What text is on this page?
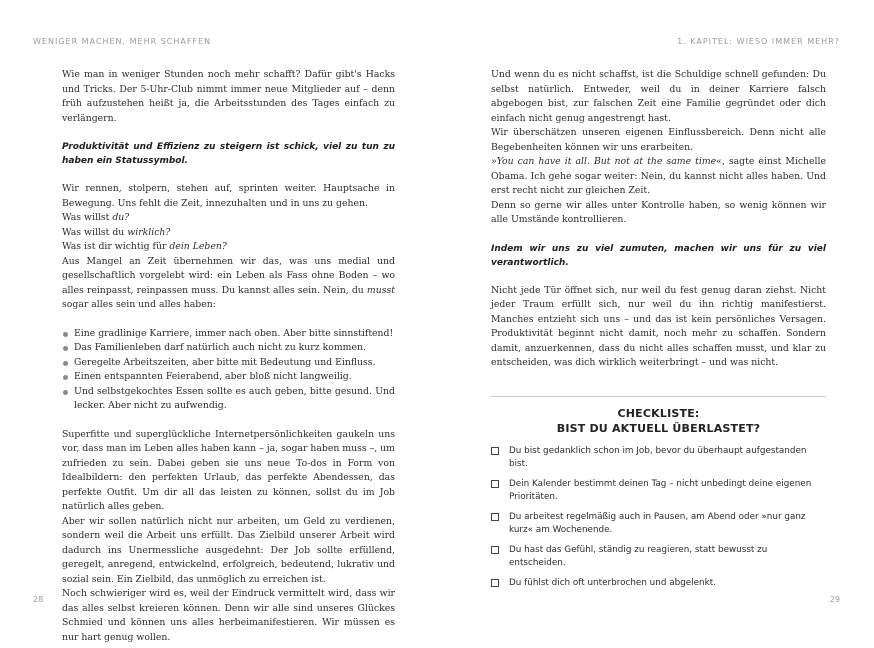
WENIGER MACHEN, MEHR SCHAFFEN

Wie man in weniger Stunden noch mehr schafft? Dafür gibt's Hacks und Tricks. Der 5-Uhr-Club nimmt immer neue Mitglieder auf – denn früh aufzustehen heißt ja, die Arbeitsstunden des Tages einfach zu verlängern.

Produktivität und Effizienz zu steigern ist schick, viel zu tun zu haben ein Statussymbol.

Wir rennen, stolpern, stehen auf, sprinten weiter. Hauptsache in Bewegung. Uns fehlt die Zeit, innezuhalten und in uns zu gehen.

Was willst du?

Was willst du wirklich?

Was ist dir wichtig für dein Leben?

Aus Mangel an Zeit übernehmen wir das, was uns medial und gesellschaftlich vorgelebt wird: ein Leben als Fass ohne Boden – wo alles reinpasst, reinpassen muss. Du kannst alles sein. Nein, du musst sogar alles sein und alles haben:

Eine gradlinige Karriere, immer nach oben. Aber bitte sinnstiftend!
Das Familienleben darf natürlich auch nicht zu kurz kommen.
Geregelte Arbeitszeiten, aber bitte mit Bedeutung und Einfluss.
Einen entspannten Feierabend, aber bloß nicht langweilig.
Und selbstgekochtes Essen sollte es auch geben, bitte gesund. Und lecker. Aber nicht zu aufwendig.

Superfitte und superglückliche Internetpersönlichkeiten gaukeln uns vor, dass man im Leben alles haben kann – ja, sogar haben muss –, um zufrieden zu sein. Dabei geben sie uns neue To-dos in Form von Idealbildern: den perfekten Urlaub, das perfekte Abendessen, das perfekte Outfit. Um dir all das leisten zu können, sollst du im Job natürlich alles geben.

Aber wir sollen natürlich nicht nur arbeiten, um Geld zu verdienen, sondern weil die Arbeit uns erfüllt. Das Zielbild unserer Arbeit wird dadurch ins Unermessliche ausgedehnt: Der Job sollte erfüllend, geregelt, anregend, entwickelnd, erfolgreich, bedeutend, lukrativ und sozial sein. Ein Zielbild, das unmöglich zu erreichen ist.

Noch schwieriger wird es, weil der Eindruck vermittelt wird, dass wir das alles selbst kreieren können. Denn wir alle sind unseres Glückes Schmied und können uns alles herbeimanifestieren. Wir müssen es nur hart genug wollen.

28
1. KAPITEL: WIESO IMMER MEHR?

Und wenn du es nicht schaffst, ist die Schuldige schnell gefunden: Du selbst natürlich. Entweder, weil du in deiner Karriere falsch abgebogen bist, zur falschen Zeit eine Familie gegründet oder dich einfach nicht genug angestrengt hast.

Wir überschätzen unseren eigenen Einflussbereich. Denn nicht alle Begebenheiten können wir uns erarbeiten.

»You can have it all. But not at the same time«, sagte einst Michelle Obama. Ich gehe sogar weiter: Nein, du kannst nicht alles haben. Und erst recht nicht zur gleichen Zeit.

Denn so gerne wir alles unter Kontrolle haben, so wenig können wir alle Umstände kontrollieren.

Indem wir uns zu viel zumuten, machen wir uns für zu viel verantwortlich.

Nicht jede Tür öffnet sich, nur weil du fest genug daran ziehst. Nicht jeder Traum erfüllt sich, nur weil du ihn richtig manifestierst. Manches entzieht sich uns – und das ist kein persönliches Versagen. Produktivität beginnt nicht damit, noch mehr zu schaffen. Sondern damit, anzuerkennen, dass du nicht alles schaffen musst, und klar zu entscheiden, was dich wirklich weiterbringt – und was nicht.

CHECKLISTE:
BIST DU AKTUELL ÜBERLASTET?
Du bist gedanklich schon im Job, bevor du überhaupt aufgestanden bist.
Dein Kalender bestimmt deinen Tag – nicht unbedingt deine eigenen Prioritäten.
Du arbeitest regelmäßig auch in Pausen, am Abend oder »nur ganz kurz« am Wochenende.
Du hast das Gefühl, ständig zu reagieren, statt bewusst zu entscheiden.
Du fühlst dich oft unterbrochen und abgelenkt.
29
